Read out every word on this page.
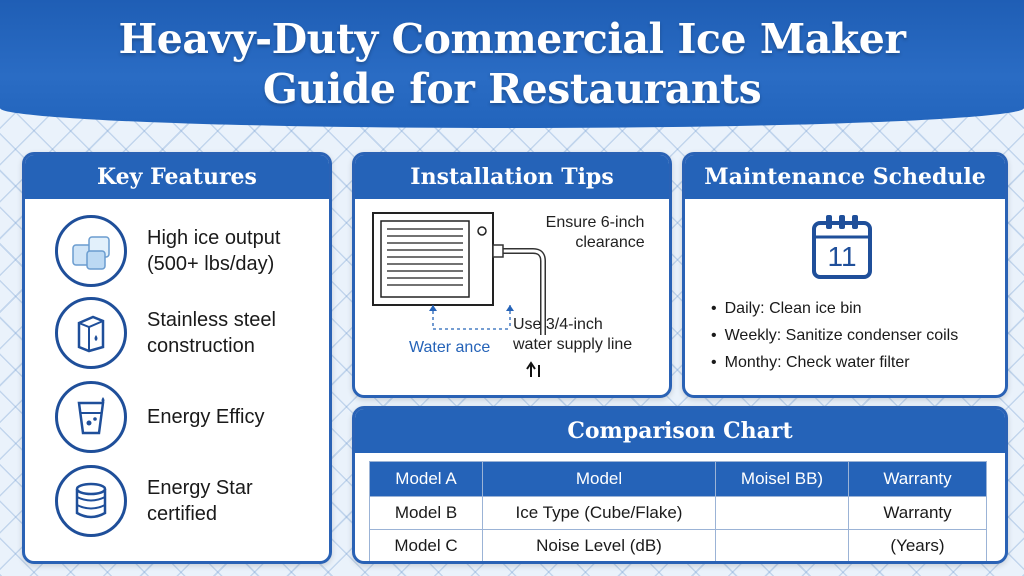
Heavy-Duty Commercial Ice Maker
Guide for Restaurants
Key Features
High ice output
(500+ lbs/day)
Stainless steel
construction
Energy Efficy
Energy Star
certified
Installation Tips
Ensure 6-inch
clearance
Water ance
Use 3/4-inch
water supply line
Maintenance Schedule
11
• Daily: Clean ice bin
• Weekly: Sanitize condenser coils
• Monthy: Check water filter
Comparison Chart
Model A	Model	Moisel BB)	Warranty
Model B	Ice Type (Cube/Flake)		Warranty
Model C	Noise Level (dB)		(Years)
